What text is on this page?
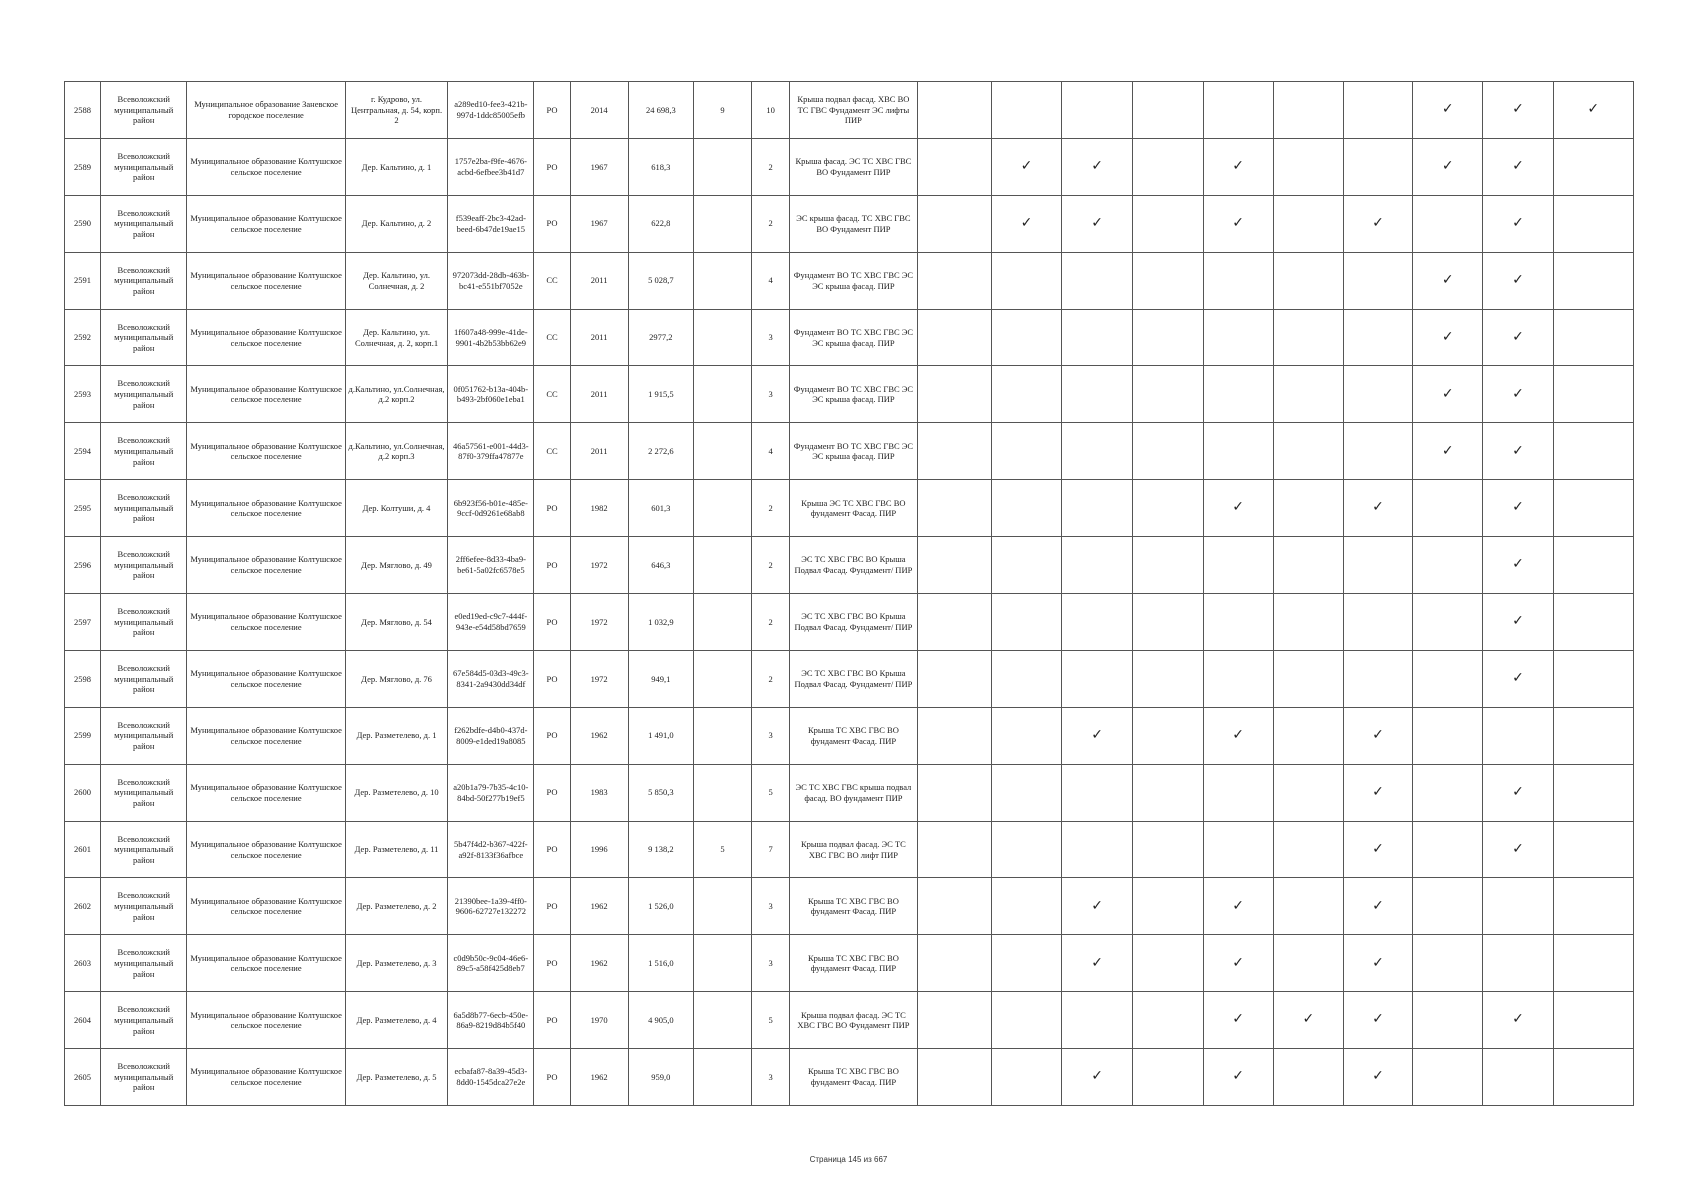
2588	Всеволожский муниципальный район	Муниципальное образование Заневское городское поселение	г. Кудрово, ул. Центральная, д. 54, корп. 2	a289ed10-fee3-421b-997d-1ddc85005efb	РО	2014	24 698,3	9	10	Крыша подвал фасад. ХВС ВО ТС ГВС Фундамент ЭС лифты ПИР								✓	✓	✓
2589	Всеволожский муниципальный район	Муниципальное образование Колтушское сельское поселение	Дер. Кальтино, д. 1	1757e2ba-f9fe-4676-acbd-6efbee3b41d7	РО	1967	618,3		2	Крыша фасад. ЭС ТС ХВС ГВС ВО Фундамент ПИР		✓	✓		✓			✓	✓	
2590	Всеволожский муниципальный район	Муниципальное образование Колтушское сельское поселение	Дер. Кальтино, д. 2	f539eaff-2bc3-42ad-beed-6b47de19ae15	РО	1967	622,8		2	ЭС крыша фасад. ТС ХВС ГВС ВО Фундамент ПИР		✓	✓		✓		✓		✓	
2591	Всеволожский муниципальный район	Муниципальное образование Колтушское сельское поселение	Дер. Кальтино, ул. Солнечная, д. 2	972073dd-28db-463b-bc41-e551bf7052e	СС	2011	5 028,7		4	Фундамент ВО ТС ХВС ГВС ЭС ЭС крыша фасад. ПИР								✓	✓	
2592	Всеволожский муниципальный район	Муниципальное образование Колтушское сельское поселение	Дер. Кальтино, ул. Солнечная, д. 2, корп.1	1f607a48-999e-41de-9901-4b2b53bb62e9	СС	2011	2977,2		3	Фундамент ВО ТС ХВС ГВС ЭС ЭС крыша фасад. ПИР								✓	✓	
2593	Всеволожский муниципальный район	Муниципальное образование Колтушское сельское поселение	д.Кальтино, ул.Солнечная, д.2 корп.2	0f051762-b13a-404b-b493-2bf060e1eba1	СС	2011	1 915,5		3	Фундамент ВО ТС ХВС ГВС ЭС ЭС крыша фасад. ПИР								✓	✓	
2594	Всеволожский муниципальный район	Муниципальное образование Колтушское сельское поселение	д.Кальтино, ул.Солнечная, д.2 корп.3	46a57561-e001-44d3-87f0-379ffa47877e	СС	2011	2 272,6		4	Фундамент ВО ТС ХВС ГВС ЭС ЭС крыша фасад. ПИР								✓	✓	
2595	Всеволожский муниципальный район	Муниципальное образование Колтушское сельское поселение	Дер. Колтуши, д. 4	6b923f56-b01e-485e-9ccf-0d9261e68ab8	РО	1982	601,3		2	Крыша ЭС ТС ХВС ГВС ВО фундамент Фасад. ПИР					✓		✓		✓	
2596	Всеволожский муниципальный район	Муниципальное образование Колтушское сельское поселение	Дер. Мяглово, д. 49	2ff6efee-8d33-4ba9-be61-5a02fc6578e5	РО	1972	646,3		2	ЭС ТС ХВС ГВС ВО Крыша Подвал Фасад. Фундамент/ ПИР									✓	
2597	Всеволожский муниципальный район	Муниципальное образование Колтушское сельское поселение	Дер. Мяглово, д. 54	e0ed19ed-c9c7-444f-943e-e54d58bd7659	РО	1972	1 032,9		2	ЭС ТС ХВС ГВС ВО Крыша Подвал Фасад. Фундамент/ ПИР									✓	
2598	Всеволожский муниципальный район	Муниципальное образование Колтушское сельское поселение	Дер. Мяглово, д. 76	67e584d5-03d3-49c3-8341-2a9430dd34df	РО	1972	949,1		2	ЭС ТС ХВС ГВС ВО Крыша Подвал Фасад. Фундамент/ ПИР									✓	
2599	Всеволожский муниципальный район	Муниципальное образование Колтушское сельское поселение	Дер. Разметелево, д. 1	f262bdfe-d4b0-437d-8009-e1ded19a8085	РО	1962	1 491,0		3	Крыша ТС ХВС ГВС ВО фундамент Фасад. ПИР			✓		✓		✓			
2600	Всеволожский муниципальный район	Муниципальное образование Колтушское сельское поселение	Дер. Разметелево, д. 10	a20b1a79-7b35-4c10-84bd-50f277b19ef5	РО	1983	5 850,3		5	ЭС ТС ХВС ГВС крыша подвал фасад. ВО фундамент ПИР							✓		✓	
2601	Всеволожский муниципальный район	Муниципальное образование Колтушское сельское поселение	Дер. Разметелево, д. 11	5b47f4d2-b367-422f-a92f-8133f36afbce	РО	1996	9 138,2	5	7	Крыша подвал фасад. ЭС ТС ХВС ГВС ВО лифт ПИР							✓		✓	
2602	Всеволожский муниципальный район	Муниципальное образование Колтушское сельское поселение	Дер. Разметелево, д. 2	21390bee-1a39-4ff0-9606-62727e132272	РО	1962	1 526,0		3	Крыша ТС ХВС ГВС ВО фундамент Фасад. ПИР			✓		✓		✓			
2603	Всеволожский муниципальный район	Муниципальное образование Колтушское сельское поселение	Дер. Разметелево, д. 3	c0d9b50c-9c04-46e6-89c5-a58f425d8eb7	РО	1962	1 516,0		3	Крыша ТС ХВС ГВС ВО фундамент Фасад. ПИР			✓		✓		✓			
2604	Всеволожский муниципальный район	Муниципальное образование Колтушское сельское поселение	Дер. Разметелево, д. 4	6a5d8b77-6ecb-450e-86a9-8219d84b5f40	РО	1970	4 905,0		5	Крыша подвал фасад. ЭС ТС ХВС ГВС ВО Фундамент ПИР					✓	✓	✓		✓	
2605	Всеволожский муниципальный район	Муниципальное образование Колтушское сельское поселение	Дер. Разметелево, д. 5	ecbafa87-8a39-45d3-8dd0-1545dca27e2e	РО	1962	959,0		3	Крыша ТС ХВС ГВС ВО фундамент Фасад. ПИР			✓		✓		✓			
Страница 145 из 667
